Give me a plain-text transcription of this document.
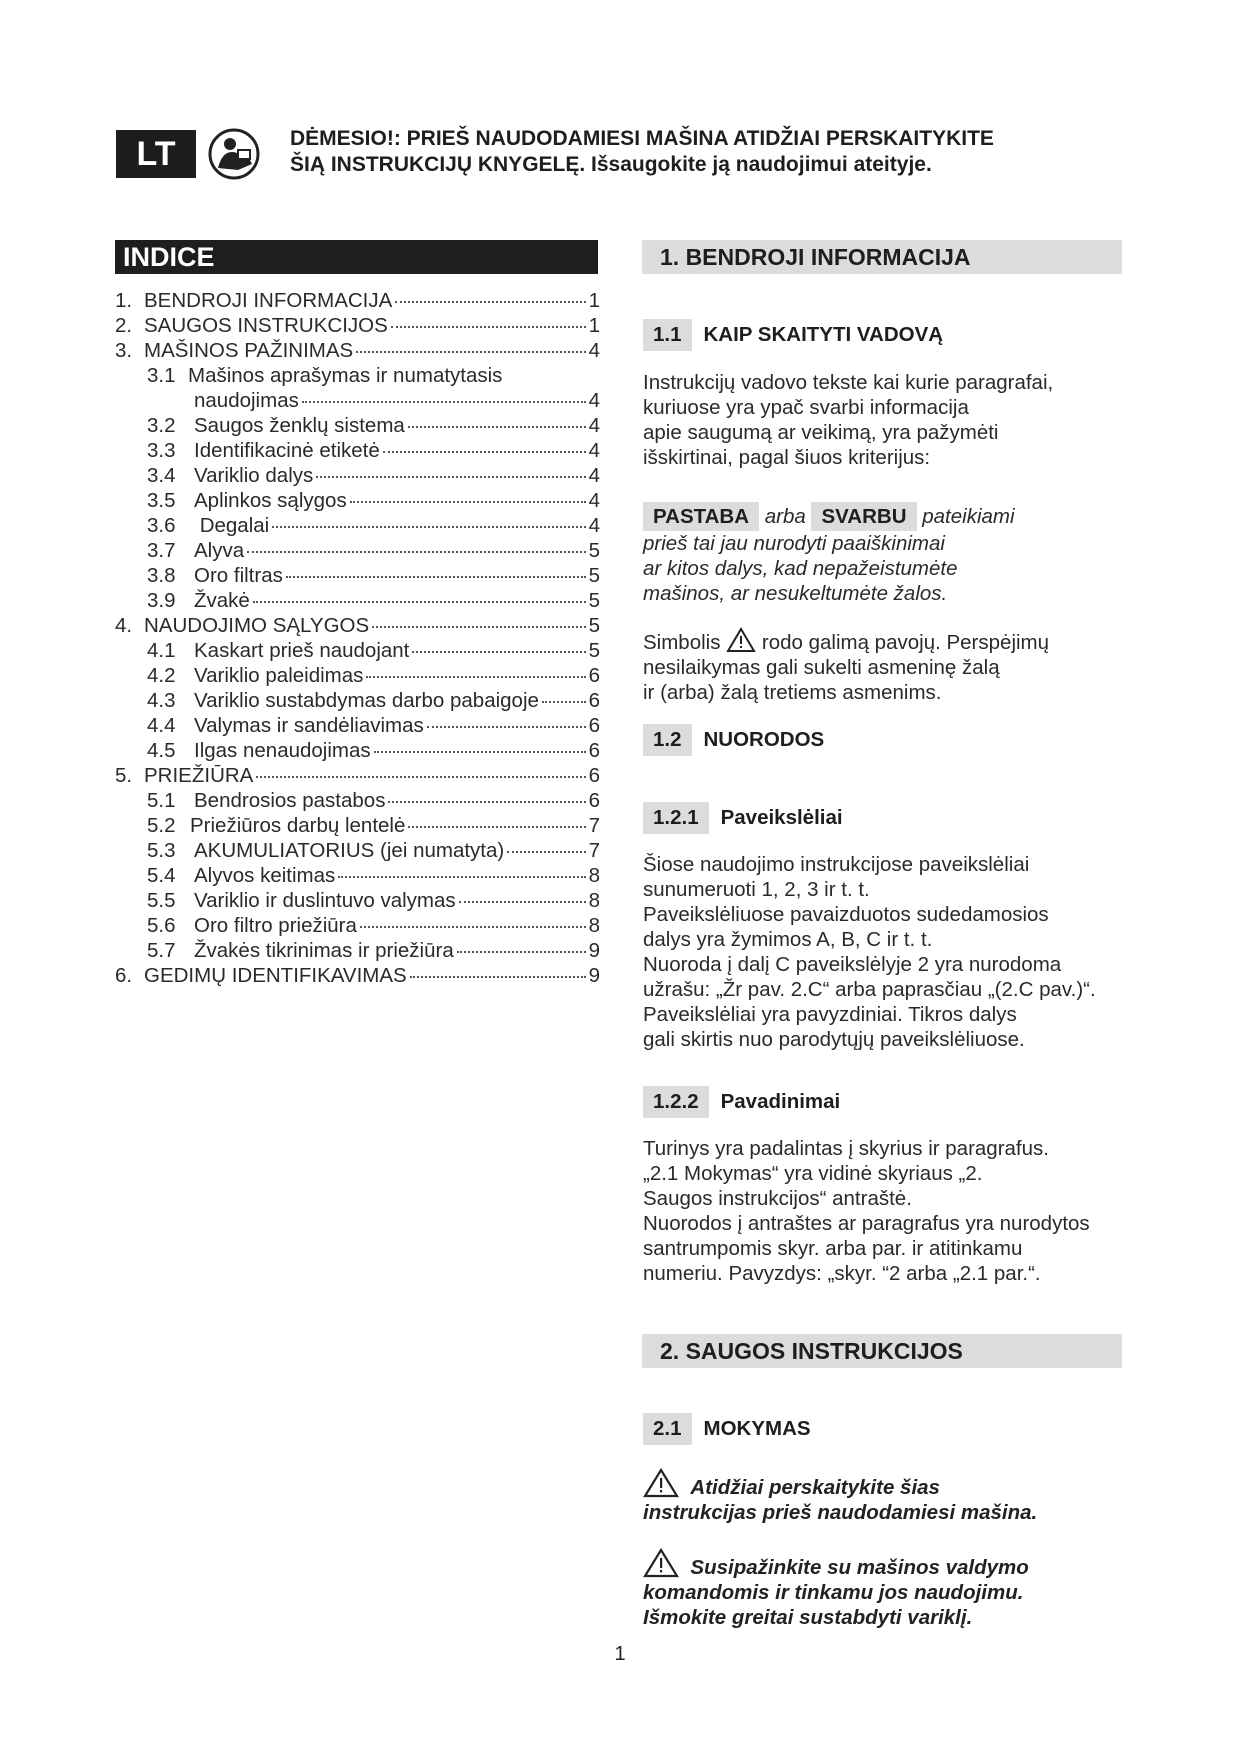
LT	DĖMESIO!: PRIEŠ NAUDODAMIESI MAŠINA ATIDŽIAI PERSKAITYKITE
ŠIĄ INSTRUKCIJŲ KNYGELĘ. Išsaugokite ją naudojimui ateityje.
INDICE
1. BENDROJI INFORMACIJA	1
2. SAUGOS INSTRUKCIJOS	1
3. MAŠINOS PAŽINIMAS	4
3.1 Mašinos aprašymas ir numatytasis
naudojimas	4
3.2 Saugos ženklų sistema	4
3.3 Identifikacinė etiketė	4
3.4 Variklio dalys	4
3.5 Aplinkos sąlygos	4
3.6 Degalai	4
3.7 Alyva	5
3.8 Oro filtras	5
3.9 Žvakė	5
4. NAUDOJIMO SĄLYGOS	5
4.1 Kaskart prieš naudojant	5
4.2 Variklio paleidimas	6
4.3 Variklio sustabdymas darbo pabaigoje 6
4.4 Valymas ir sandėliavimas	6
4.5 Ilgas nenaudojimas	6
5. PRIEŽIŪRA	6
5.1 Bendrosios pastabos	6
5.2 Priežiūros darbų lentelė	7
5.3 AKUMULIATORIUS (jei numatyta)	7
5.4 Alyvos keitimas	8
5.5 Variklio ir duslintuvo valymas	8
5.6 Oro filtro priežiūra	8
5.7 Žvakės tikrinimas ir priežiūra	9
6. GEDIMŲ IDENTIFIKAVIMAS	9
1. BENDROJI INFORMACIJA
1.1	KAIP SKAITYTI VADOVĄ

Instrukcijų vadovo tekste kai kurie paragrafai,

kuriuose yra ypač svarbi informacija

apie saugumą ar veikimą, yra pažymėti

išskirtinai, pagal šiuos kriterijus:

PASTABA arba SVARBU pateikiami
prieš tai jau nurodyti paaiškinimai
ar kitos dalys, kad nepažeistumėte
mašinos, ar nesukeltumėte žalos.

Simbolis rodo galimą pavojų. Perspėjimų

nesilaikymas gali sukelti asmeninę žalą

ir (arba) žalą tretiems asmenims.

1.2	NUORODOS
1.2.1	Paveikslėliai

Šiose naudojimo instrukcijose paveikslėliai

sunumeruoti 1, 2, 3 ir t. t.

Paveikslėliuose pavaizduotos sudedamosios

dalys yra žymimos A, B, C ir t. t.

Nuoroda į dalį C paveikslėlyje 2 yra nurodoma

užrašu: „Žr pav. 2.C“ arba paprasčiau „(2.C pav.)“.

Paveikslėliai yra pavyzdiniai. Tikros dalys

gali skirtis nuo parodytųjų paveikslėliuose.

1.2.2	Pavadinimai

Turinys yra padalintas į skyrius ir paragrafus.

„2.1 Mokymas“ yra vidinė skyriaus „2.

Saugos instrukcijos“ antraštė.

Nuorodos į antraštes ar paragrafus yra nurodytos

santrumpomis skyr. arba par. ir atitinkamu

numeriu. Pavyzdys: „skyr. “2 arba „2.1 par.“.

2. SAUGOS INSTRUKCIJOS
2.1	MOKYMAS
Atidžiai perskaitykite šias
instrukcijas prieš naudodamiesi mašina.
Susipažinkite su mašinos valdymo
komandomis ir tinkamu jos naudojimu.
Išmokite greitai sustabdyti variklį.
1
